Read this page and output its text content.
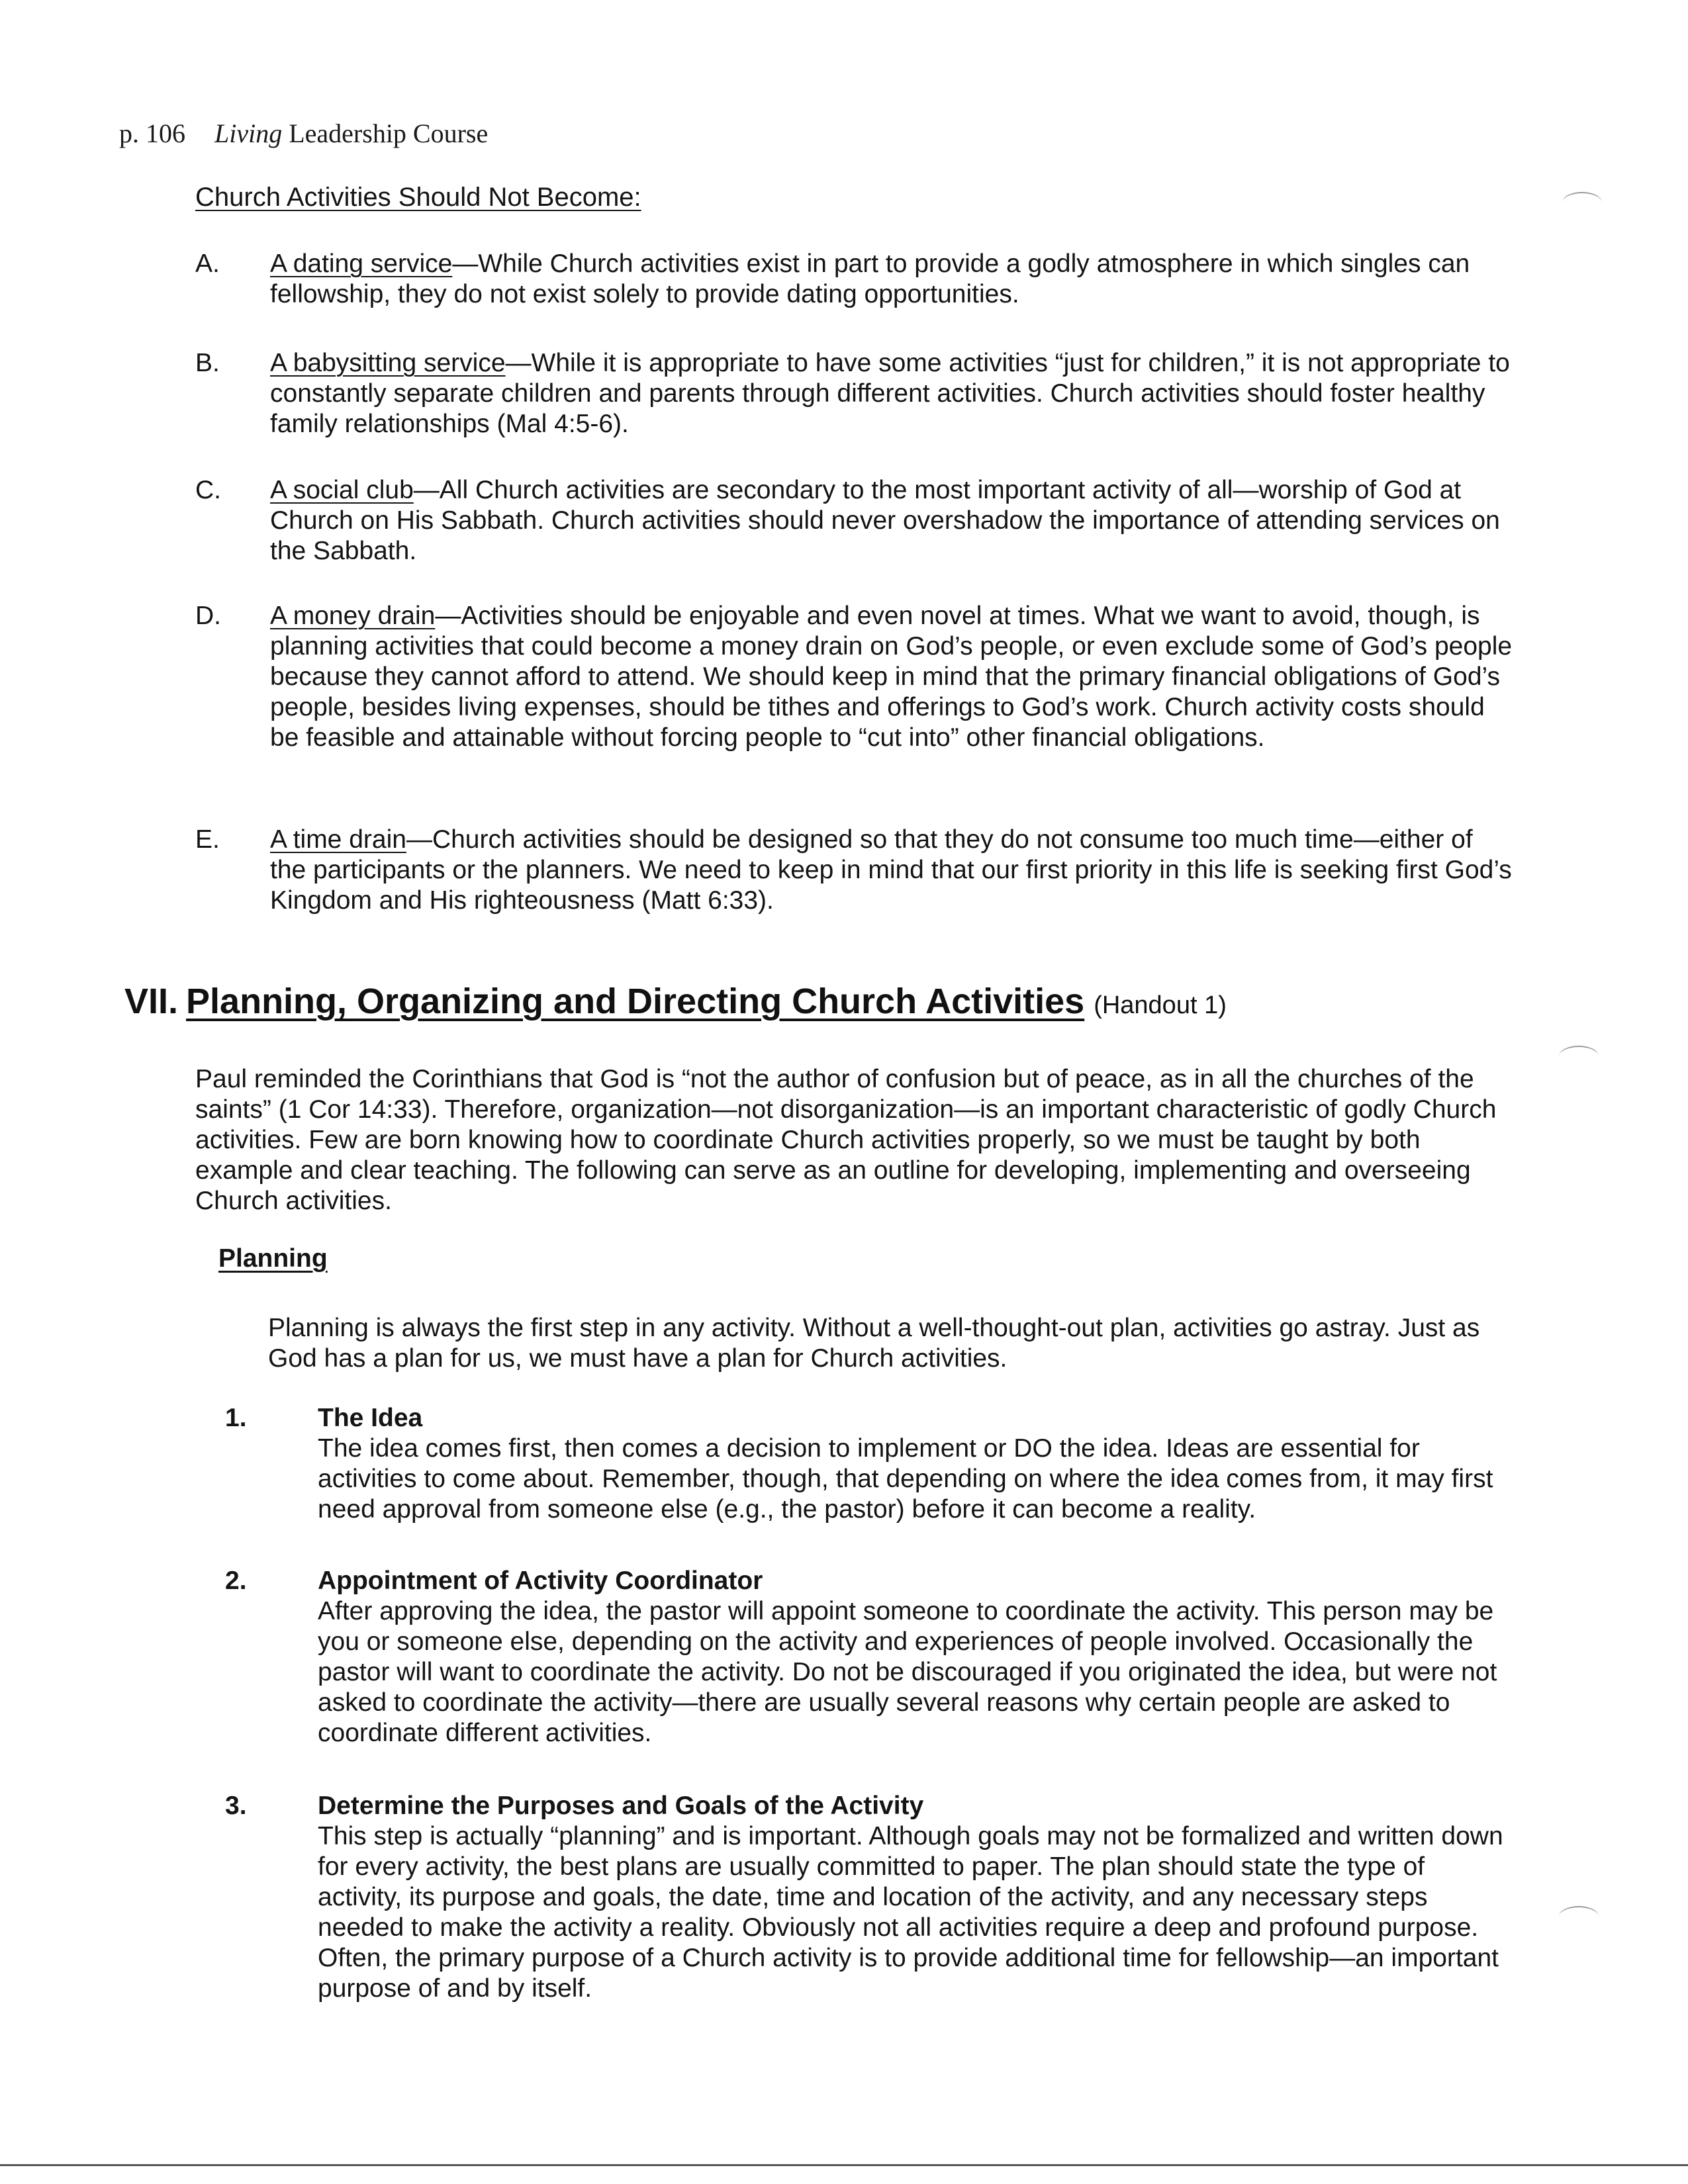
p. 106 Living Leadership Course
Church Activities Should Not Become:
A. A dating service—While Church activities exist in part to provide a godly atmosphere in which singles can fellowship, they do not exist solely to provide dating opportunities.
B. A babysitting service—While it is appropriate to have some activities “just for children,” it is not appropriate to constantly separate children and parents through different activities. Church activities should foster healthy family relationships (Mal 4:5-6).
C. A social club—All Church activities are secondary to the most important activity of all—worship of God at Church on His Sabbath. Church activities should never overshadow the importance of attending services on the Sabbath.
D. A money drain—Activities should be enjoyable and even novel at times. What we want to avoid, though, is planning activities that could become a money drain on God’s people, or even exclude some of God’s people because they cannot afford to attend. We should keep in mind that the primary financial obligations of God’s people, besides living expenses, should be tithes and offerings to God’s work. Church activity costs should be feasible and attainable without forcing people to “cut into” other financial obligations.
E. A time drain—Church activities should be designed so that they do not consume too much time—either of the participants or the planners. We need to keep in mind that our first priority in this life is seeking first God’s Kingdom and His righteousness (Matt 6:33).
VII. Planning, Organizing and Directing Church Activities (Handout 1)
Paul reminded the Corinthians that God is “not the author of confusion but of peace, as in all the churches of the saints” (1 Cor 14:33). Therefore, organization—not disorganization—is an important characteristic of godly Church activities. Few are born knowing how to coordinate Church activities properly, so we must be taught by both example and clear teaching. The following can serve as an outline for developing, implementing and overseeing Church activities.
Planning
Planning is always the first step in any activity. Without a well-thought-out plan, activities go astray. Just as God has a plan for us, we must have a plan for Church activities.
1.	The Idea
The idea comes first, then comes a decision to implement or DO the idea. Ideas are essential for activities to come about. Remember, though, that depending on where the idea comes from, it may first need approval from someone else (e.g., the pastor) before it can become a reality.
2.	Appointment of Activity Coordinator
After approving the idea, the pastor will appoint someone to coordinate the activity. This person may be you or someone else, depending on the activity and experiences of people involved. Occasionally the pastor will want to coordinate the activity. Do not be discouraged if you originated the idea, but were not asked to coordinate the activity—there are usually several reasons why certain people are asked to coordinate different activities.
3.	Determine the Purposes and Goals of the Activity
This step is actually “planning” and is important. Although goals may not be formalized and written down for every activity, the best plans are usually committed to paper. The plan should state the type of activity, its purpose and goals, the date, time and location of the activity, and any necessary steps needed to make the activity a reality. Obviously not all activities require a deep and profound purpose. Often, the primary purpose of a Church activity is to provide additional time for fellowship—an important purpose of and by itself.
